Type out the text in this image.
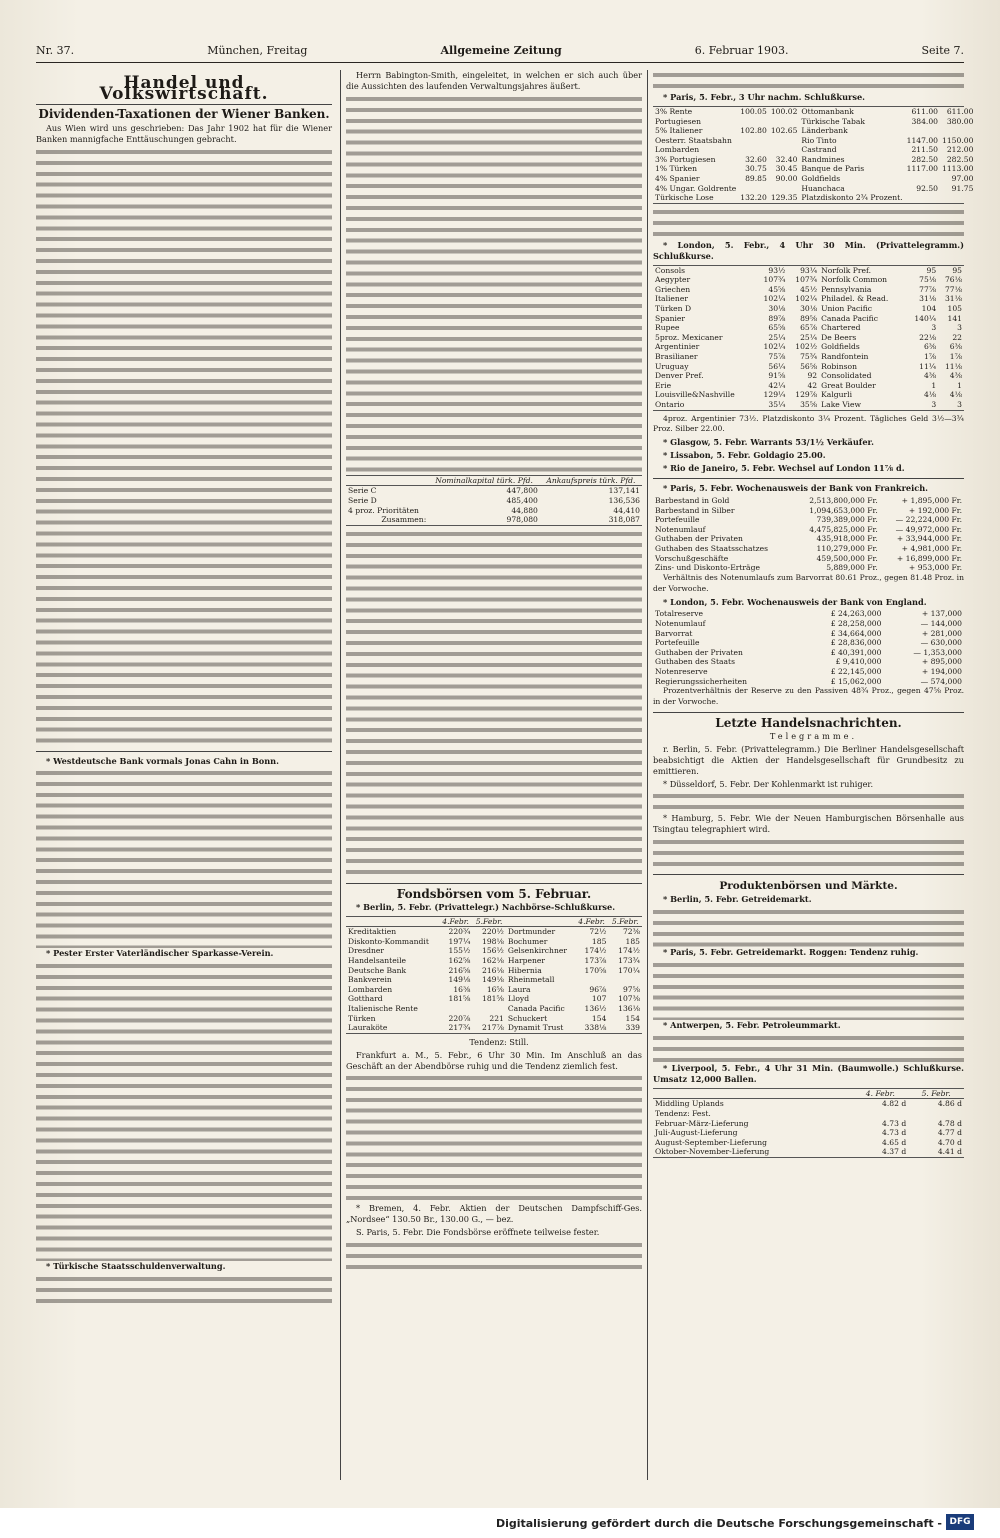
Nr. 37.	München, Freitag	Allgemeine Zeitung	6. Februar 1903.	Seite 7.
Handel und Volkswirtschaft.
Dividenden-Taxationen der Wiener Banken.

Aus Wien wird uns geschrieben: Das Jahr 1902 hat für die Wiener Banken mannigfache Enttäuschungen gebracht.

* Westdeutsche Bank vormals Jonas Cahn in Bonn.

* Pester Erster Vaterländischer Sparkasse-Verein.

* Türkische Staatsschuldenverwaltung.

Herrn Babington-Smith, eingeleitet, in welchen er sich auch über die Aussichten des laufenden Verwaltungsjahres äußert.

	Nominalkapital türk. Pfd.	Ankaufspreis türk. Pfd.
Serie C	447,800	137,141
Serie D	485,400	136,536
4 proz. Prioritäten	44,880	44,410
Zusammen:	978,080	318,087
Fondsbörsen vom 5. Februar.

* Berlin, 5. Febr. (Privattelegr.) Nachbörse-Schlußkurse.

	4.Febr.	5.Febr.		4.Febr.	5.Febr.
Kreditaktien	220¾	220½	Dortmunder	72½	72⅜
Diskonto-Kommandit	197¼	198⅛	Bochumer	185	185
Dresdner	155½	156½	Gelsenkirchner	174½	174½
Handelsanteile	162⅝	162⅛	Harpener	173⅞	173¾
Deutsche Bank	216⅝	216⅛	Hibernia	170⅝	170¼
Bankverein	149⅛	149⅛	Rheinmetall		
Lombarden	16⅜	16⅝	Laura	96⅞	97⅝
Gotthard	181⅝	181⅝	Lloyd	107	107⅜
Italienische Rente			Canada Pacific	136½	136⅛
Türken	220⅞	221	Schuckert	154	154
Lauraköte	217¾	217⅞	Dynamit Trust	338⅛	339

Tendenz: Still.

Frankfurt a. M., 5. Febr., 6 Uhr 30 Min. Im Anschluß an das Geschäft an der Abendbörse ruhig und die Tendenz ziemlich fest.

* Bremen, 4. Febr. Aktien der Deutschen Dampfschiff-Ges. „Nordsee“ 130.50 Br., 130.00 G., — bez.

S. Paris, 5. Febr. Die Fondsbörse eröffnete teilweise fester.

* Paris, 5. Febr., 3 Uhr nachm. Schlußkurse.

3% Rente	100.05	100.02	Ottomanbank	611.00	611.00
Portugiesen			Türkische Tabak	384.00	380.00
5% Italiener	102.80	102.65	Länderbank		
Oesterr. Staatsbahn			Rio Tinto	1147.00	1150.00
Lombarden			Castrand	211.50	212.00
3% Portugiesen	32.60	32.40	Randmines	282.50	282.50
1% Türken	30.75	30.45	Banque de Paris	1117.00	1113.00
4% Spanier	89.85	90.00	Goldfields		97.00
4% Ungar. Goldrente			Huanchaca	92.50	91.75
Türkische Lose	132.20	129.35	Platzdiskonto 2¾ Prozent.		

* London, 5. Febr., 4 Uhr 30 Min. (Privattelegramm.) Schlußkurse.

Consols	93½	93¼	Norfolk Pref.	95	95
Aegypter	107¾	107¾	Norfolk Common	75⅛	76⅛
Griechen	45⅝	45½	Pennsylvania	77⅞	77⅛
Italiener	102¼	102¼	Philadel. & Read.	31⅛	31⅛
Türken D	30⅛	30⅛	Union Pacific	104	105
Spanier	89⅞	89⅝	Canada Pacific	140¼	141
Rupee	65⅝	65⅞	Chartered	3	3
5proz. Mexicaner	25¼	25¼	De Beers	22⅛	22
Argentinier	102¼	102½	Goldfields	6⅜	6⅜
Brasilianer	75⅞	75¾	Randfontein	1⅞	1⅞
Uruguay	56¼	56⅝	Robinson	11¼	11⅛
Denver Pref.	91⅝	92	Consolidated	4⅜	4⅜
Erie	42¼	42	Great Boulder	1	1
Louisville&Nashville	129¼	129⅞	Kalgurli	4⅛	4⅛
Ontario	35¼	35⅝	Lake View	3	3

4proz. Argentinier 73½. Platzdiskonto 3¼ Prozent. Tägliches Geld 3½—3¾ Proz. Silber 22.00.

* Glasgow, 5. Febr. Warrants 53/1½ Verkäufer.

* Lissabon, 5. Febr. Goldagio 25.00.

* Rio de Janeiro, 5. Febr. Wechsel auf London 11⅞ d.

* Paris, 5. Febr. Wochenausweis der Bank von Frankreich.

Barbestand in Gold	2,513,800,000 Fr.	+ 1,895,000 Fr.
Barbestand in Silber	1,094,653,000 Fr.	+ 192,000 Fr.
Portefeuille	739,389,000 Fr.	— 22,224,000 Fr.
Notenumlauf	4,475,825,000 Fr.	— 49,972,000 Fr.
Guthaben der Privaten	435,918,000 Fr.	+ 33,944,000 Fr.
Guthaben des Staatsschatzes	110,279,000 Fr.	+ 4,981,000 Fr.
Vorschußgeschäfte	459,500,000 Fr.	+ 16,899,000 Fr.
Zins- und Diskonto-Erträge	5,889,000 Fr.	+ 953,000 Fr.

Verhältnis des Notenumlaufs zum Barvorrat 80.61 Proz., gegen 81.48 Proz. in der Vorwoche.

* London, 5. Febr. Wochenausweis der Bank von England.

Totalreserve	£ 24,263,000	+ 137,000
Notenumlauf	£ 28,258,000	— 144,000
Barvorrat	£ 34,664,000	+ 281,000
Portefeuille	£ 28,836,000	— 630,000
Guthaben der Privaten	£ 40,391,000	— 1,353,000
Guthaben des Staats	£ 9,410,000	+ 895,000
Notenreserve	£ 22,145,000	+ 194,000
Regierungssicherheiten	£ 15,062,000	— 574,000

Prozentverhältnis der Reserve zu den Passiven 48¾ Proz., gegen 47⅝ Proz. in der Vorwoche.

Letzte Handelsnachrichten.

Telegramme.

r. Berlin, 5. Febr. (Privattelegramm.) Die Berliner Handelsgesellschaft beabsichtigt die Aktien der Handelsgesellschaft für Grundbesitz zu emittieren.

* Düsseldorf, 5. Febr. Der Kohlenmarkt ist ruhiger.

* Hamburg, 5. Febr. Wie der Neuen Hamburgischen Börsenhalle aus Tsingtau telegraphiert wird.

Produktenbörsen und Märkte.

* Berlin, 5. Febr. Getreidemarkt.

* Paris, 5. Febr. Getreidemarkt. Roggen: Tendenz ruhig.

* Antwerpen, 5. Febr. Petroleummarkt.

* Liverpool, 5. Febr., 4 Uhr 31 Min. (Baumwolle.) Schlußkurse. Umsatz 12,000 Ballen.

	4. Febr.	5. Febr.
Middling Uplands	4.82 d	4.86 d
Tendenz: Fest.		
Februar-März-Lieferung	4.73 d	4.78 d
Juli-August-Lieferung	4.73 d	4.77 d
August-September-Lieferung	4.65 d	4.70 d
Oktober-November-Lieferung	4.37 d	4.41 d
Digitalisierung gefördert durch die Deutsche Forschungsgemeinschaft - DFG
